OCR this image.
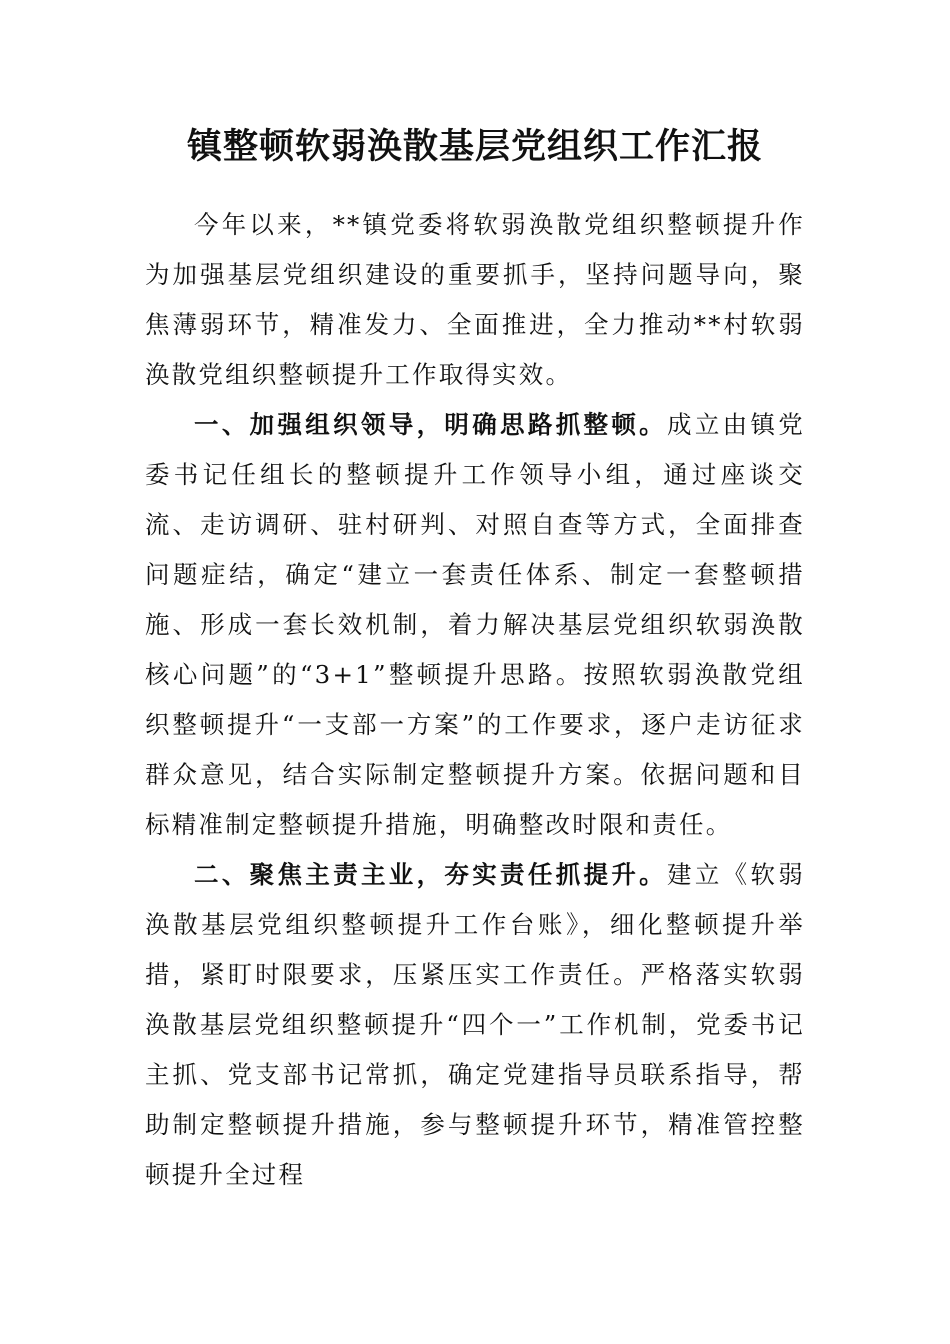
镇整顿软弱涣散基层党组织工作汇报

今年以来，**镇党委将软弱涣散党组织整顿提升作为加强基层党组织建设的重要抓手，坚持问题导向，聚焦薄弱环节，精准发力、全面推进，全力推动**村软弱涣散党组织整顿提升工作取得实效。

一、加强组织领导，明确思路抓整顿。成立由镇党委书记任组长的整顿提升工作领导小组，通过座谈交流、走访调研、驻村研判、对照自查等方式，全面排查问题症结，确定“建立一套责任体系、制定一套整顿措施、形成一套长效机制，着力解决基层党组织软弱涣散核心问题”的“3+1”整顿提升思路。按照软弱涣散党组织整顿提升“一支部一方案”的工作要求，逐户走访征求群众意见，结合实际制定整顿提升方案。依据问题和目标精准制定整顿提升措施，明确整改时限和责任。

二、聚焦主责主业，夯实责任抓提升。建立《软弱涣散基层党组织整顿提升工作台账》，细化整顿提升举措，紧盯时限要求，压紧压实工作责任。严格落实软弱涣散基层党组织整顿提升“四个一”工作机制，党委书记主抓、党支部书记常抓，确定党建指导员联系指导，帮助制定整顿提升措施，参与整顿提升环节，精准管控整顿提升全过程
